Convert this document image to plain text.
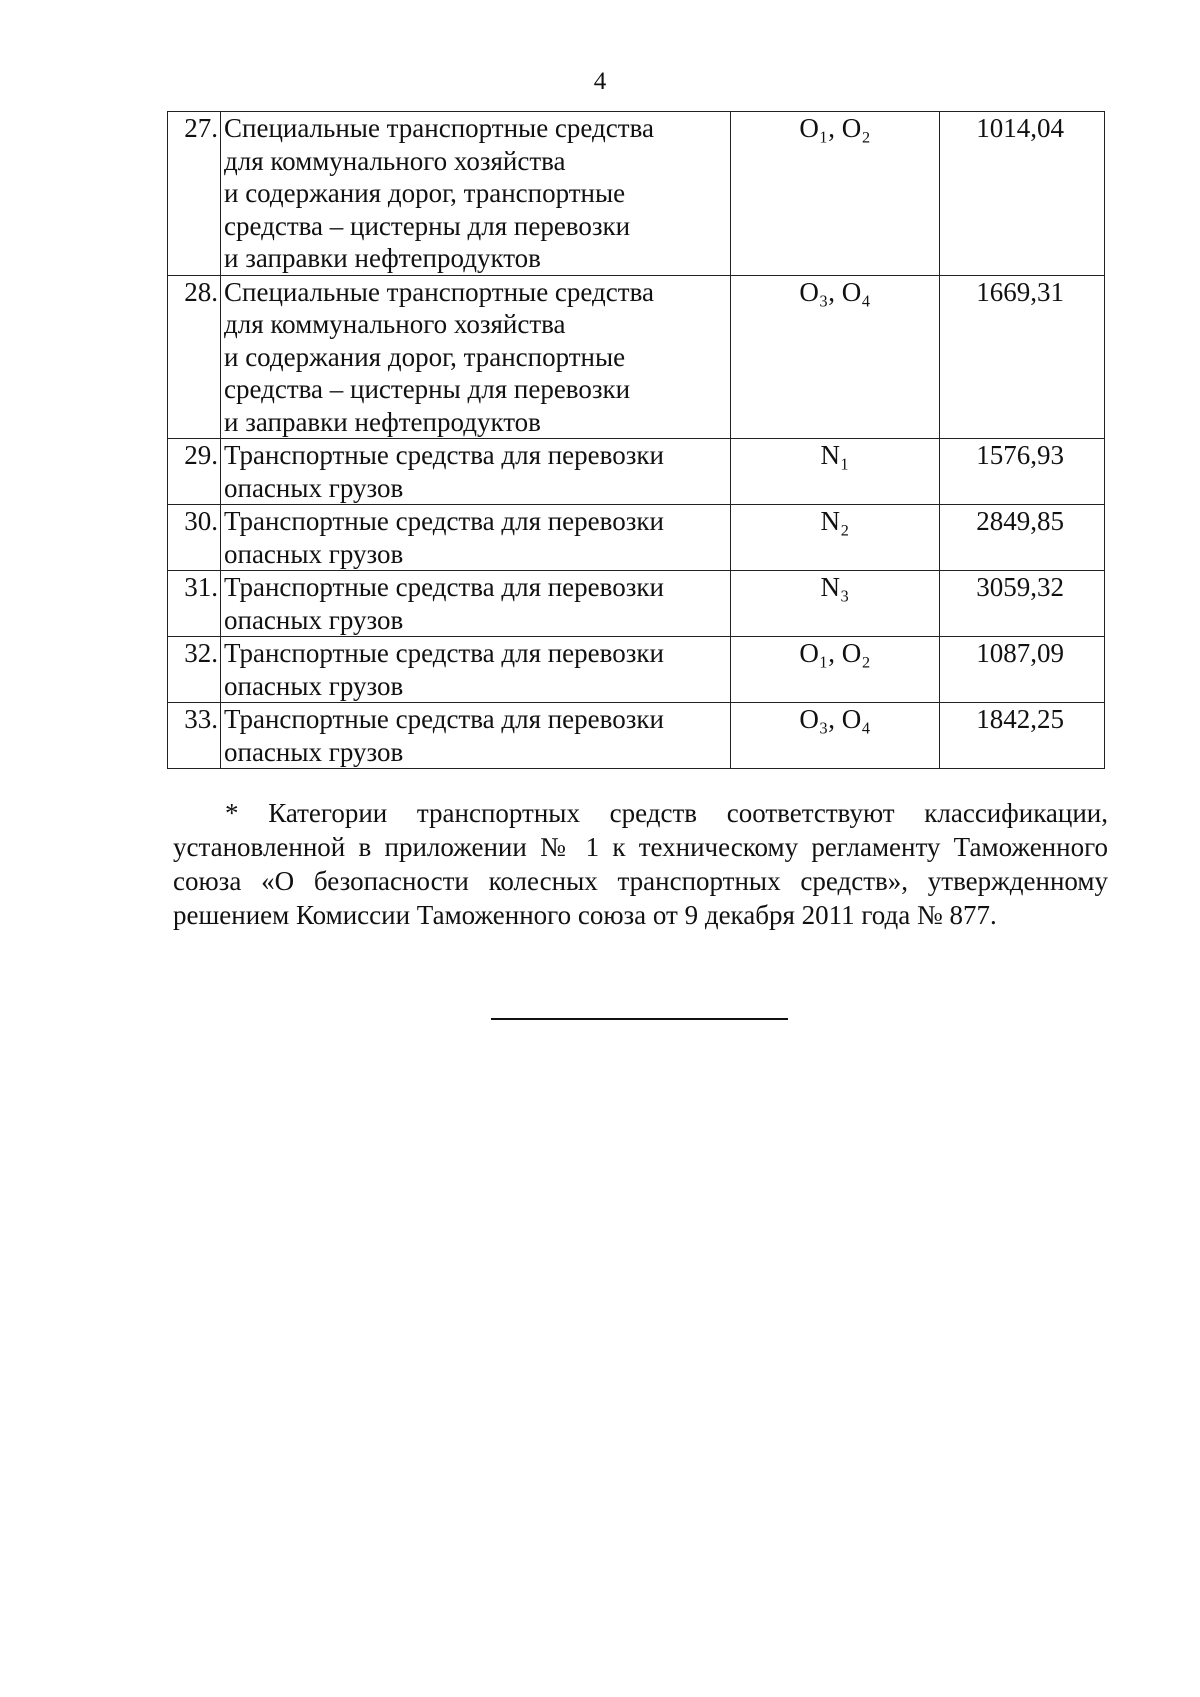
4
27.	Специальные транспортные средства
для коммунального хозяйства
и содержания дорог, транспортные
средства – цистерны для перевозки
и заправки нефтепродуктов	O₁, O₂	1014,04
28.	Специальные транспортные средства
для коммунального хозяйства
и содержания дорог, транспортные
средства – цистерны для перевозки
и заправки нефтепродуктов	O₃, O₄	1669,31
29.	Транспортные средства для перевозки
опасных грузов	N₁	1576,93
30.	Транспортные средства для перевозки
опасных грузов	N₂	2849,85
31.	Транспортные средства для перевозки
опасных грузов	N₃	3059,32
32.	Транспортные средства для перевозки
опасных грузов	O₁, O₂	1087,09
33.	Транспортные средства для перевозки
опасных грузов	O₃, O₄	1842,25
* Категории транспортных средств соответствуют классификации, установленной в приложении № 1 к техническому регламенту Таможенного союза «О безопасности колесных транспортных средств», утвержденному решением Комиссии Таможенного союза от 9 декабря 2011 года № 877.
